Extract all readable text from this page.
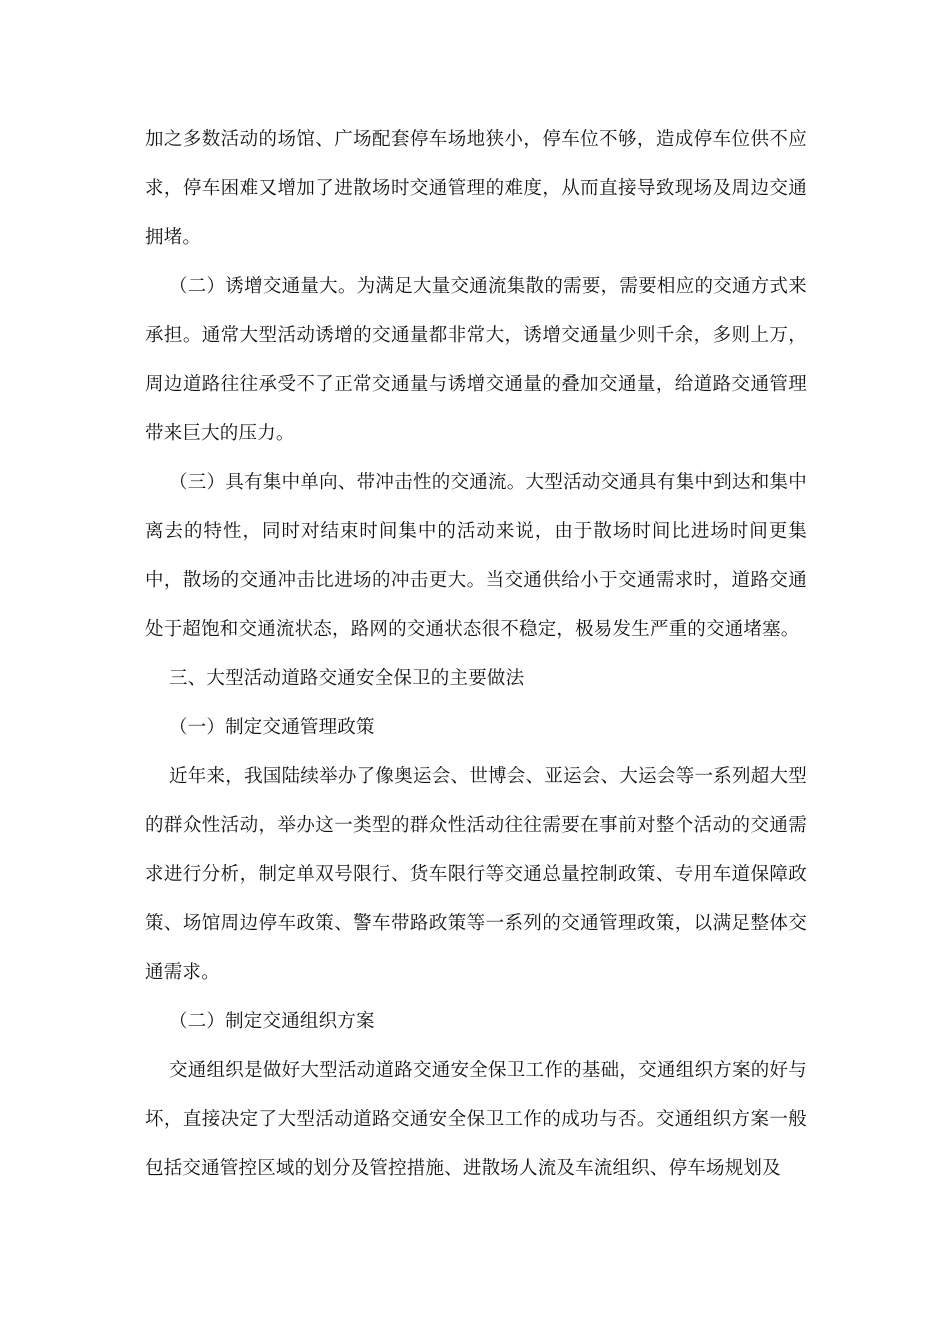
加之多数活动的场馆、广场配套停车场地狭小，停车位不够，造成停车位供不应求，停车困难又增加了进散场时交通管理的难度，从而直接导致现场及周边交通拥堵。

（二）诱增交通量大。为满足大量交通流集散的需要，需要相应的交通方式来承担。通常大型活动诱增的交通量都非常大，诱增交通量少则千余，多则上万，周边道路往往承受不了正常交通量与诱增交通量的叠加交通量，给道路交通管理带来巨大的压力。

（三）具有集中单向、带冲击性的交通流。大型活动交通具有集中到达和集中离去的特性，同时对结束时间集中的活动来说，由于散场时间比进场时间更集中，散场的交通冲击比进场的冲击更大。当交通供给小于交通需求时，道路交通处于超饱和交通流状态，路网的交通状态很不稳定，极易发生严重的交通堵塞。

三、大型活动道路交通安全保卫的主要做法

（一）制定交通管理政策

近年来，我国陆续举办了像奥运会、世博会、亚运会、大运会等一系列超大型的群众性活动，举办这一类型的群众性活动往往需要在事前对整个活动的交通需求进行分析，制定单双号限行、货车限行等交通总量控制政策、专用车道保障政策、场馆周边停车政策、警车带路政策等一系列的交通管理政策，以满足整体交通需求。

（二）制定交通组织方案

交通组织是做好大型活动道路交通安全保卫工作的基础，交通组织方案的好与坏，直接决定了大型活动道路交通安全保卫工作的成功与否。交通组织方案一般包括交通管控区域的划分及管控措施、进散场人流及车流组织、停车场规划及
